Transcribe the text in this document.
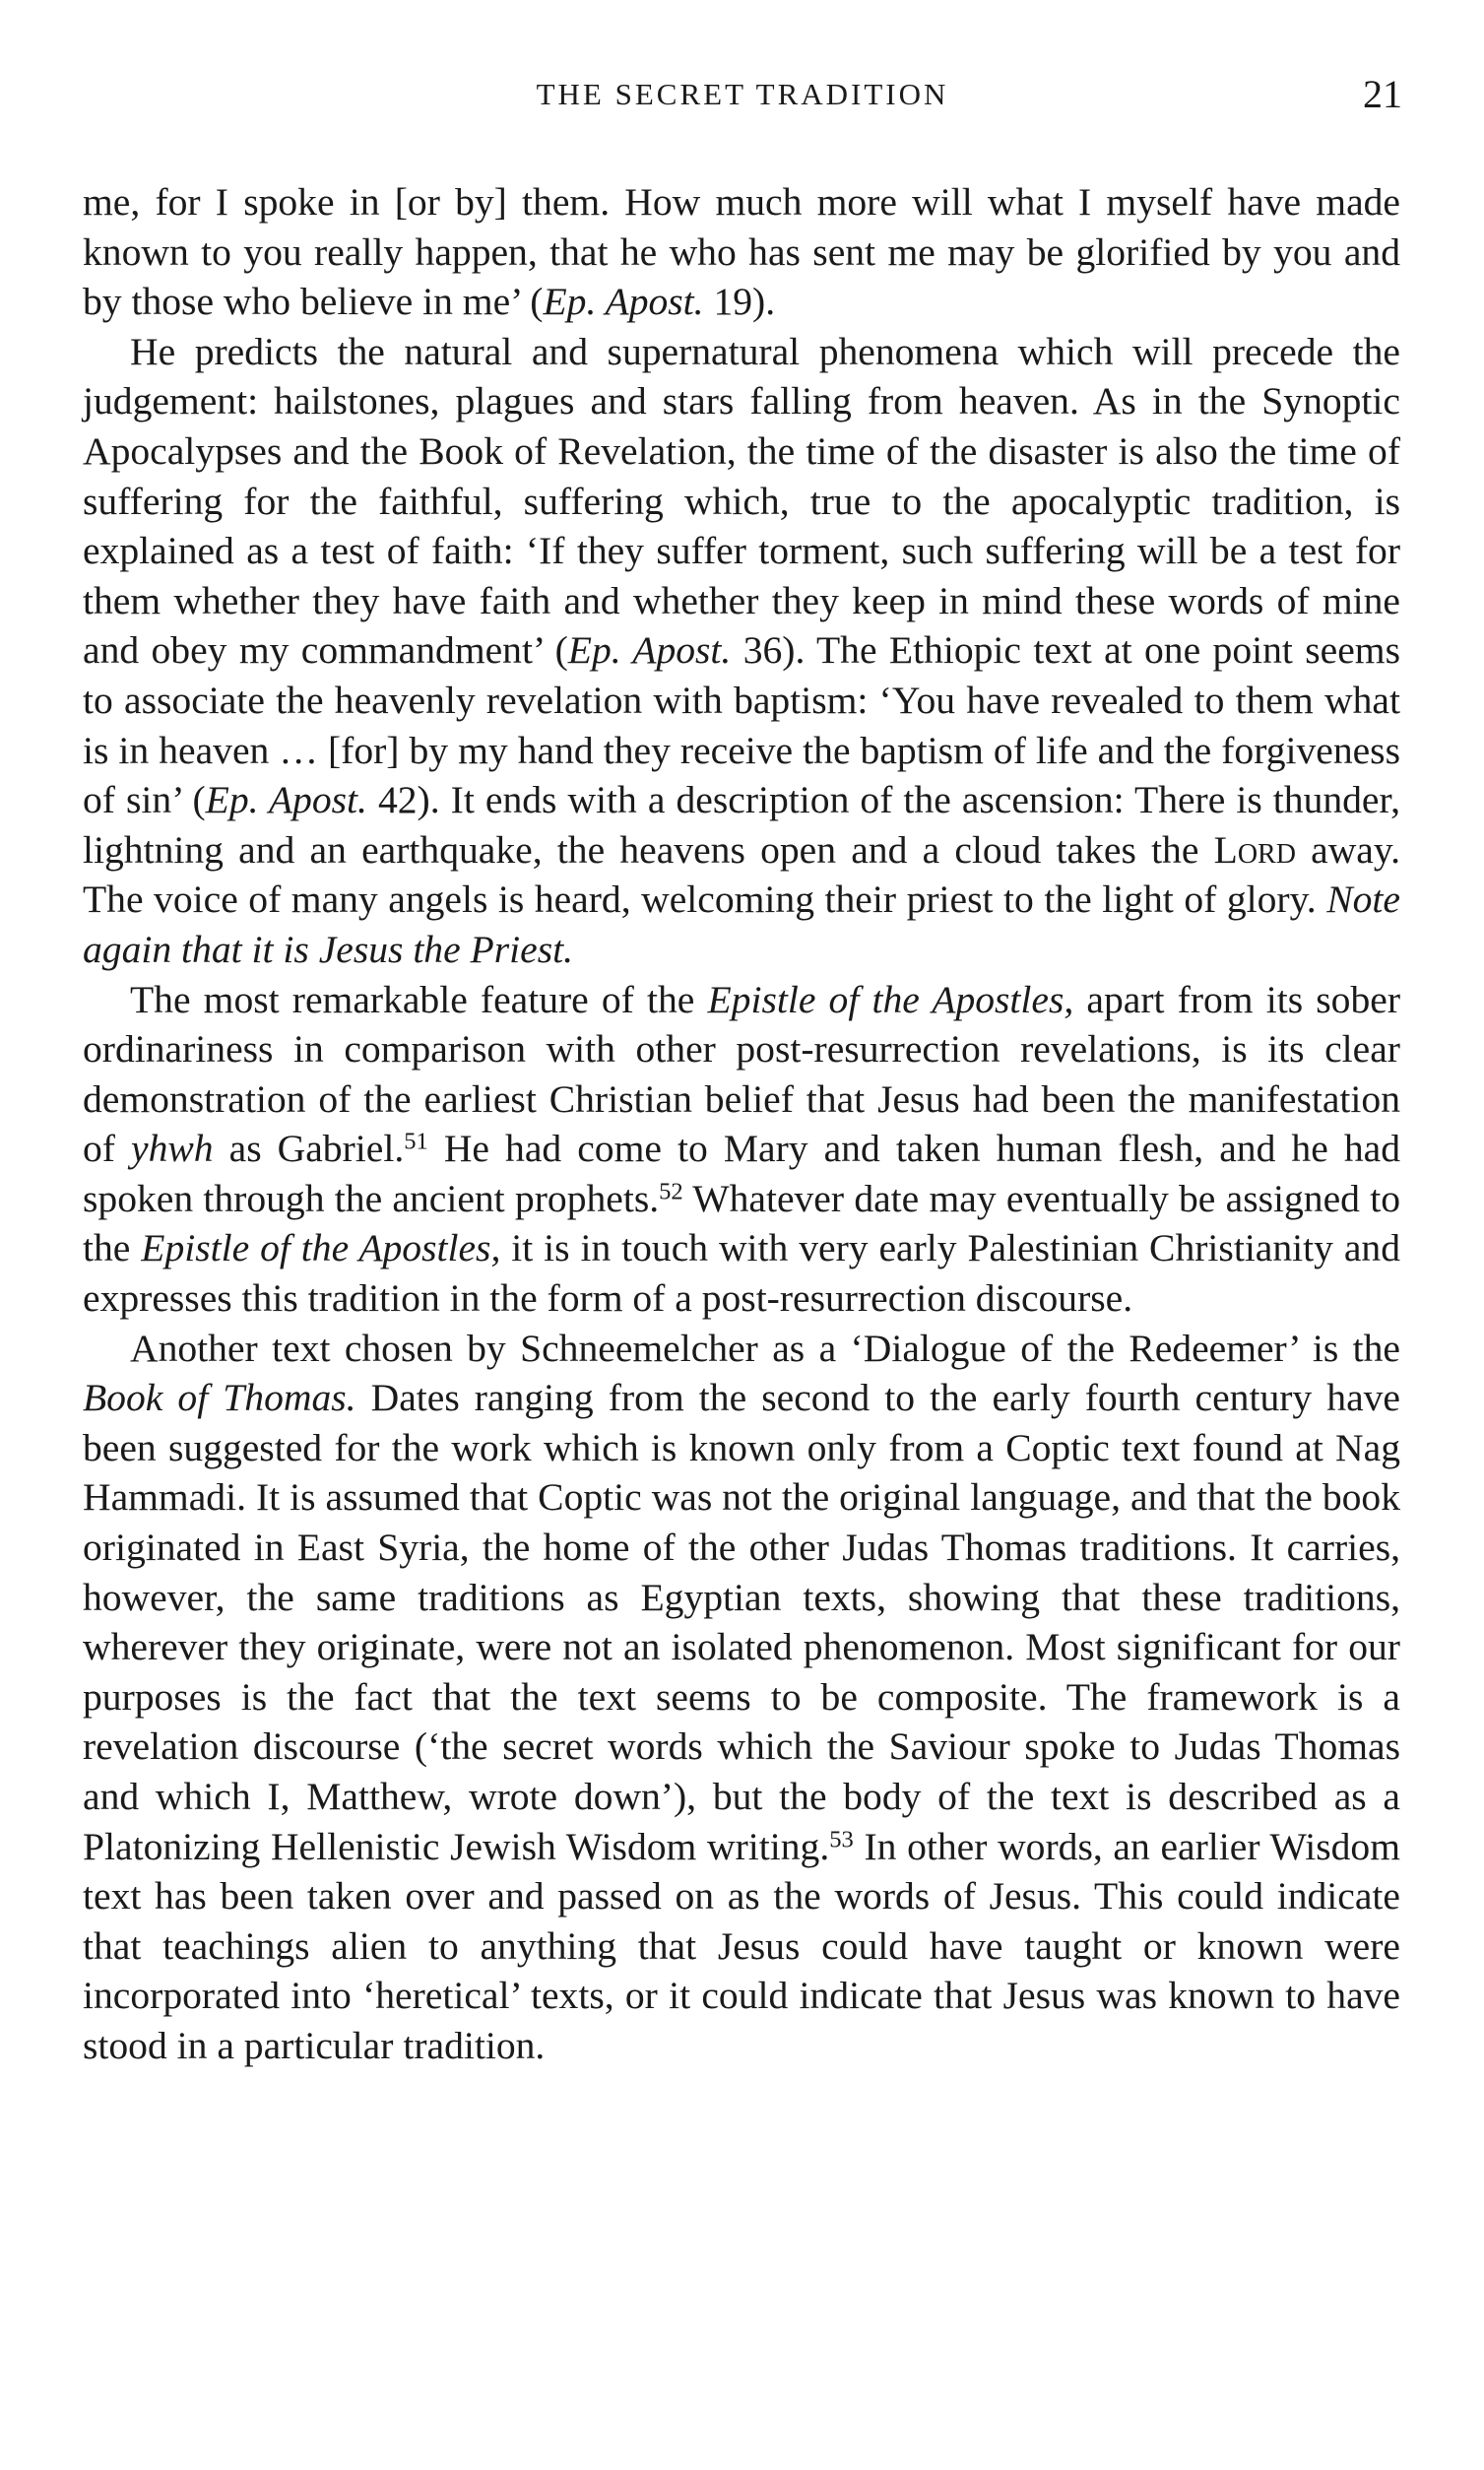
THE SECRET TRADITION	21

me, for I spoke in [or by] them. How much more will what I myself have made known to you really happen, that he who has sent me may be glorified by you and by those who believe in me’ (Ep. Apost. 19).

He predicts the natural and supernatural phenomena which will precede the judgement: hailstones, plagues and stars falling from heaven. As in the Synoptic Apocalypses and the Book of Revelation, the time of the disaster is also the time of suffering for the faithful, suffering which, true to the apocalyptic tradition, is explained as a test of faith: ‘If they suffer torment, such suffering will be a test for them whether they have faith and whether they keep in mind these words of mine and obey my commandment’ (Ep. Apost. 36). The Ethiopic text at one point seems to associate the heavenly revelation with baptism: ‘You have revealed to them what is in heaven … [for] by my hand they receive the baptism of life and the forgiveness of sin’ (Ep. Apost. 42). It ends with a description of the ascension: There is thunder, lightning and an earthquake, the heavens open and a cloud takes the Lord away. The voice of many angels is heard, welcoming their priest to the light of glory. Note again that it is Jesus the Priest.

The most remarkable feature of the Epistle of the Apostles, apart from its sober ordinariness in comparison with other post-resurrection revelations, is its clear demonstration of the earliest Christian belief that Jesus had been the manifestation of yhwh as Gabriel.$^{51}$ He had come to Mary and taken human flesh, and he had spoken through the ancient prophets.$^{52}$ Whatever date may eventually be assigned to the Epistle of the Apostles, it is in touch with very early Palestinian Christianity and expresses this tradition in the form of a post-resurrection discourse.

Another text chosen by Schneemelcher as a ‘Dialogue of the Redeemer’ is the Book of Thomas. Dates ranging from the second to the early fourth century have been suggested for the work which is known only from a Coptic text found at Nag Hammadi. It is assumed that Coptic was not the original language, and that the book originated in East Syria, the home of the other Judas Thomas traditions. It carries, however, the same traditions as Egyptian texts, showing that these traditions, wherever they originate, were not an isolated phenomenon. Most significant for our purposes is the fact that the text seems to be composite. The framework is a revelation discourse (‘the secret words which the Saviour spoke to Judas Thomas and which I, Matthew, wrote down’), but the body of the text is described as a Platonizing Hellenistic Jewish Wisdom writing.$^{53}$ In other words, an earlier Wisdom text has been taken over and passed on as the words of Jesus. This could indicate that teachings alien to anything that Jesus could have taught or known were incorporated into ‘heretical’ texts, or it could indicate that Jesus was known to have stood in a particular tradition.
